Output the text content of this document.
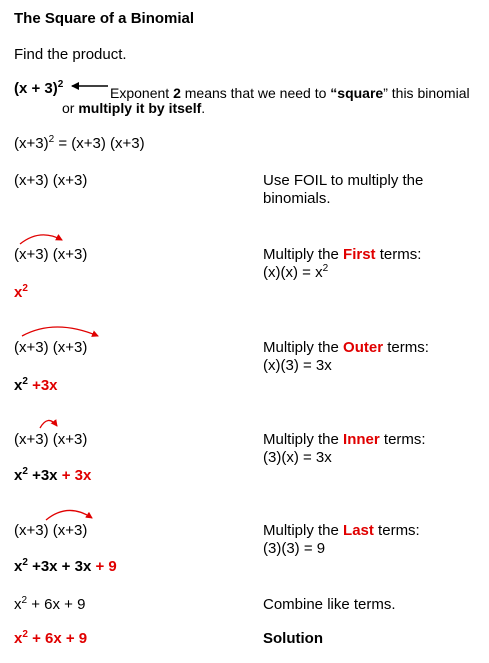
The Square of a Binomial
Find the product.
$(x + 3)^2$
Exponent 2 means that we need to “square” this binomial
or multiply it by itself.
$(x+3)^2 = (x+3)$ (x+3)
(x+3) (x+3)	Use FOIL to multiply the binomials.
(x+3) (x+3)	Multiply the First terms:
$(x)(x) = x^2$
$x^2$
(x+3) (x+3)	Multiply the Outer terms:
(x)(3) = 3x
$x^2 +3x$
(x+3) (x+3)	Multiply the Inner terms:
(3)(x) = 3x
$x^2 +3x + 3x$
(x+3) (x+3)	Multiply the Last terms:
(3)(3) = 9
$x^2 +3x + 3x + 9$
$x^2 + 6x + 9$	Combine like terms.
$x^2 + 6x + 9$	Solution
